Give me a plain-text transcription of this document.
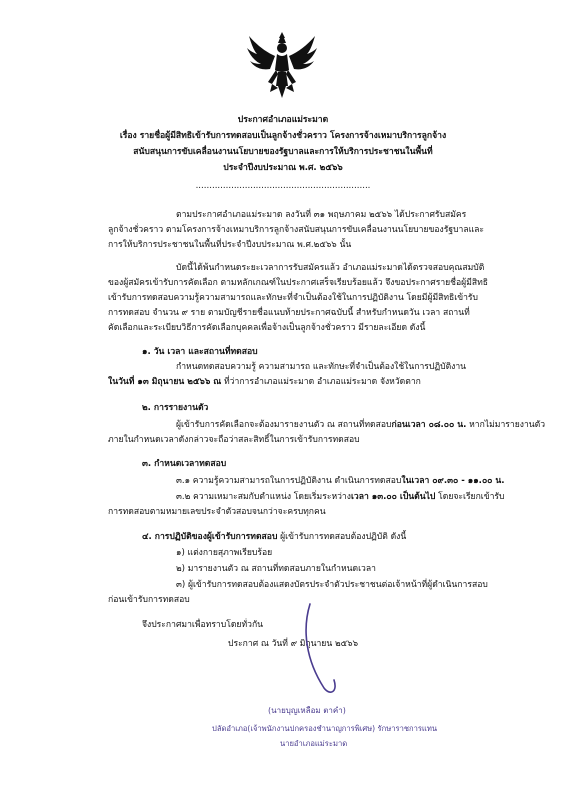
ประกาศอำเภอแม่ระมาด
เรื่อง รายชื่อผู้มีสิทธิเข้ารับการทดสอบเป็นลูกจ้างชั่วคราว โครงการจ้างเหมาบริการลูกจ้าง
สนับสนุนการขับเคลื่อนงานนโยบายของรัฐบาลและการให้บริการประชาชนในพื้นที่
ประจำปีงบประมาณ พ.ศ. ๒๕๖๖
................................................................
ตามประกาศอำเภอแม่ระมาด ลงวันที่ ๓๑ พฤษภาคม ๒๕๖๖ ได้ประกาศรับสมัคร
ลูกจ้างชั่วคราว ตามโครงการจ้างเหมาบริการลูกจ้างสนับสนุนการขับเคลื่อนงานนโยบายของรัฐบาลและ
การให้บริการประชาชนในพื้นที่ประจำปีงบประมาณ พ.ศ.๒๕๖๖ นั้น
บัดนี้ได้พ้นกำหนดระยะเวลาการรับสมัครแล้ว อำเภอแม่ระมาดได้ตรวจสอบคุณสมบัติ
ของผู้สมัครเข้ารับการคัดเลือก ตามหลักเกณฑ์ในประกาศเสร็จเรียบร้อยแล้ว จึงขอประกาศรายชื่อผู้มีสิทธิ
เข้ารับการทดสอบความรู้ความสามารถและทักษะที่จำเป็นต้องใช้ในการปฏิบัติงาน โดยมีผู้มีสิทธิเข้ารับ
การทดสอบ จำนวน ๙ ราย ตามบัญชีรายชื่อแนบท้ายประกาศฉบับนี้ สำหรับกำหนดวัน เวลา สถานที่
คัดเลือกและระเบียบวิธีการคัดเลือกบุคคลเพื่อจ้างเป็นลูกจ้างชั่วคราว มีรายละเอียด ดังนี้
๑. วัน เวลา และสถานที่ทดสอบ
กำหนดทดสอบความรู้ ความสามารถ และทักษะที่จำเป็นต้องใช้ในการปฏิบัติงาน
ในวันที่ ๑๓ มิถุนายน ๒๕๖๖ ณ ที่ว่าการอำเภอแม่ระมาด อำเภอแม่ระมาด จังหวัดตาก
๒. การรายงานตัว
ผู้เข้ารับการคัดเลือกจะต้องมารายงานตัว ณ สถานที่ทดสอบก่อนเวลา ๐๘.๐๐ น. หากไม่มารายงานตัว
ภายในกำหนดเวลาดังกล่าวจะถือว่าสละสิทธิ์ในการเข้ารับการทดสอบ
๓. กำหนดเวลาทดสอบ
๓.๑ ความรู้ความสามารถในการปฏิบัติงาน ดำเนินการทดสอบในเวลา ๐๙.๓๐ - ๑๑.๐๐ น.
๓.๒ ความเหมาะสมกับตำแหน่ง โดยเริ่มระหว่างเวลา ๑๓.๐๐ เป็นต้นไป โดยจะเรียกเข้ารับ
การทดสอบตามหมายเลขประจำตัวสอบจนกว่าจะครบทุกคน
๔. การปฏิบัติของผู้เข้ารับการทดสอบ ผู้เข้ารับการทดสอบต้องปฏิบัติ ดังนี้
๑) แต่งกายสุภาพเรียบร้อย
๒) มารายงานตัว ณ สถานที่ทดสอบภายในกำหนดเวลา
๓) ผู้เข้ารับการทดสอบต้องแสดงบัตรประจำตัวประชาชนต่อเจ้าหน้าที่ผู้ดำเนินการสอบ
ก่อนเข้ารับการทดสอบ
จึงประกาศมาเพื่อทราบโดยทั่วกัน
ประกาศ ณ วันที่ ๙ มิถุนายน ๒๕๖๖
(นายบุญเหลือม ตาคำ)
ปลัดอำเภอ(เจ้าพนักงานปกครองชำนาญการพิเศษ) รักษาราชการแทน
นายอำเภอแม่ระมาด
